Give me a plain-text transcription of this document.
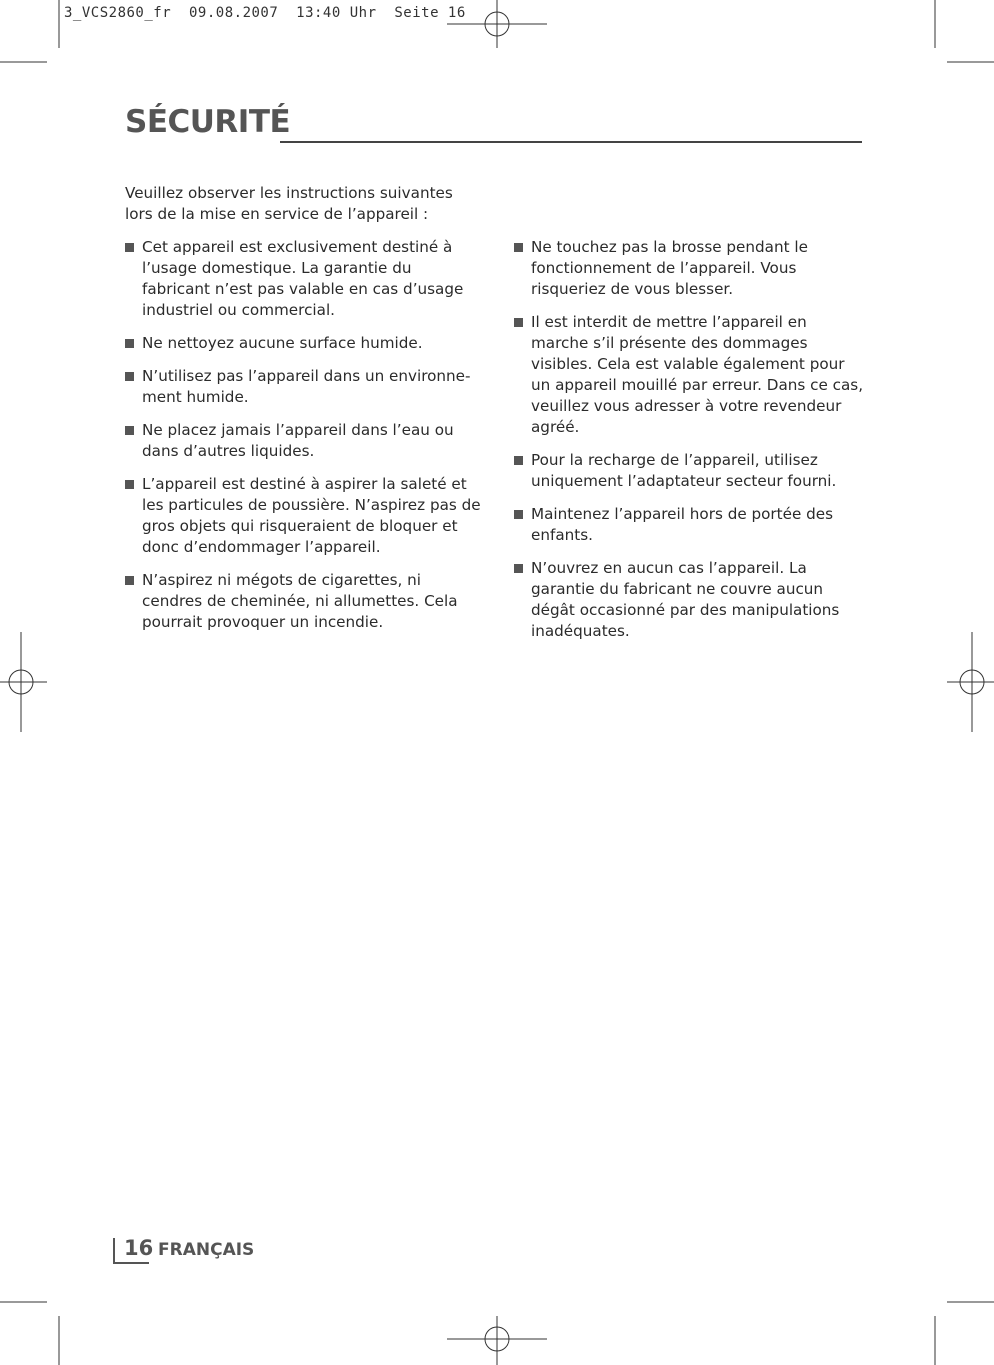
3_VCS2860_fr  09.08.2007  13:40 Uhr  Seite 16
SÉCURITÉ

Veuillez observer les instructions suivantes lors de la mise en service de l’appareil :

Cet appareil est exclusivement destiné à l’usage domestique. La garantie du fabricant n’est pas valable en cas d’usage industriel ou commercial.
Ne nettoyez aucune surface humide.
N’utilisez pas l’appareil dans un environnement humide.
Ne placez jamais l’appareil dans l’eau ou dans d’autres liquides.
L’appareil est destiné à aspirer la saleté et les particules de poussière. N’aspirez pas de gros objets qui risqueraient de bloquer et donc d’endommager l’appareil.
N’aspirez ni mégots de cigarettes, ni cendres de cheminée, ni allumettes. Cela pourrait provoquer un incendie.
Ne touchez pas la brosse pendant le fonctionnement de l’appareil. Vous risqueriez de vous blesser.
Il est interdit de mettre l’appareil en marche s’il présente des dommages visibles. Cela est valable également pour un appareil mouillé par erreur. Dans ce cas, veuillez vous adresser à votre revendeur agréé.
Pour la recharge de l’appareil, utilisez uniquement l’adaptateur secteur fourni.
Maintenez l’appareil hors de portée des enfants.
N’ouvrez en aucun cas l’appareil. La garantie du fabricant ne couvre aucun dégât occasionné par des manipulations inadéquates.
16 FRANÇAIS
